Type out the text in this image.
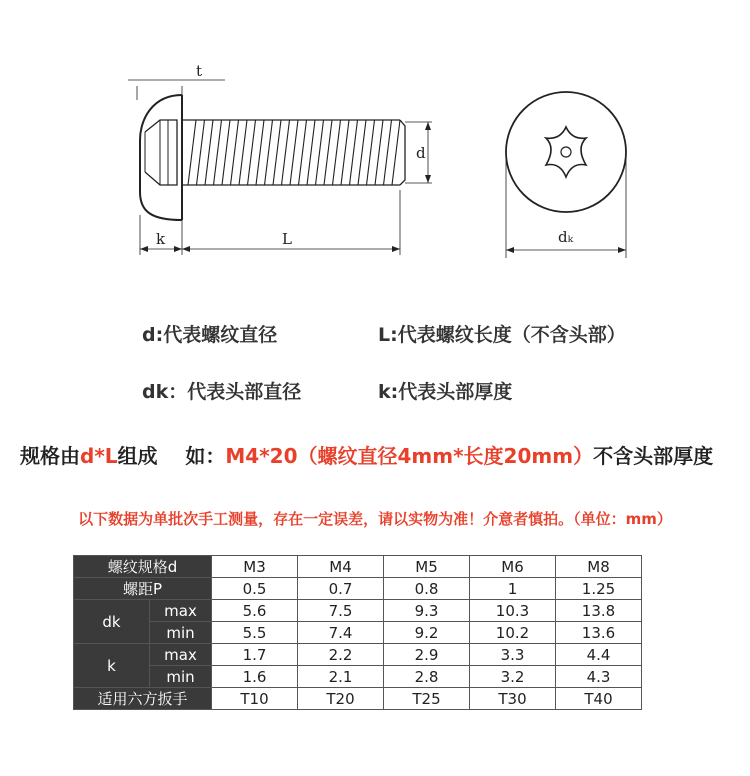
t
d
k	L	dₖ
d:代表螺纹直径	L:代表螺纹长度（不含头部）
dk：代表头部直径	k:代表头部厚度
规格由d*L组成    如：M4*20（螺纹直径4mm*长度20mm）不含头部厚度
以下数据为单批次手工测量，存在一定误差，请以实物为准！介意者慎拍。（单位：mm）
螺纹规格d		M3	M4	M5	M6	M8
螺距P		0.5	0.7	0.8	1	1.25
dk	max	5.6	7.5	9.3	10.3	13.8
	min	5.5	7.4	9.2	10.2	13.6
k	max	1.7	2.2	2.9	3.3	4.4
	min	1.6	2.1	2.8	3.2	4.3
适用六方扳手		T10	T20	T25	T30	T40
